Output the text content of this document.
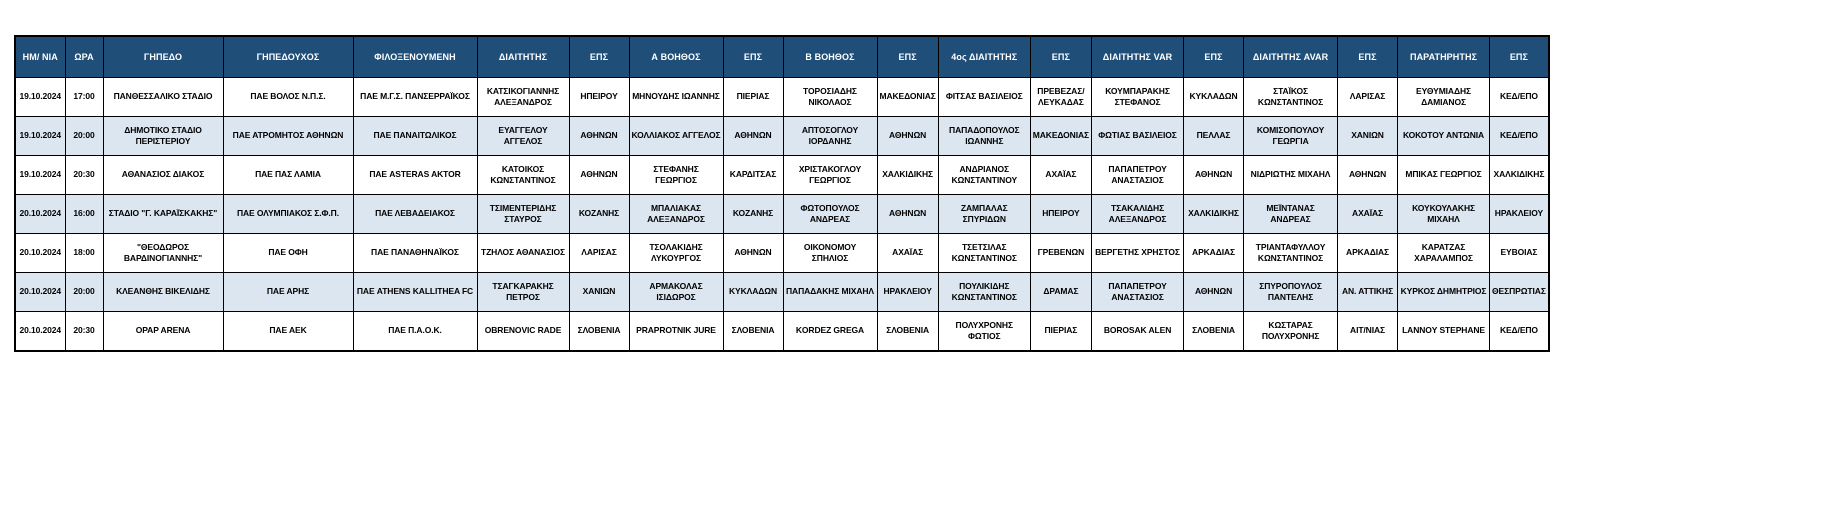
ΗΜ/ ΝΙΑ	ΩΡΑ	ΓΗΠΕΔΟ	ΓΗΠΕΔΟΥΧΟΣ	ΦΙΛΟΞΕΝΟΥΜΕΝΗ	ΔΙΑΙΤΗΤΗΣ	ΕΠΣ	Α ΒΟΗΘΟΣ	ΕΠΣ	Β ΒΟΗΘΟΣ	ΕΠΣ	4ος ΔΙΑΙΤΗΤΗΣ	ΕΠΣ	ΔΙΑΙΤΗΤΗΣ VAR	ΕΠΣ	ΔΙΑΙΤΗΤΗΣ AVAR	ΕΠΣ	ΠΑΡΑΤΗΡΗΤΗΣ	ΕΠΣ
19.10.2024	17:00	ΠΑΝΘΕΣΣΑΛΙΚΟ ΣΤΑΔΙΟ	ΠΑΕ ΒΟΛΟΣ Ν.Π.Σ.	ΠΑΕ Μ.Γ.Σ. ΠΑΝΣΕΡΡΑΪΚΟΣ	ΚΑΤΣΙΚΟΓΙΑΝΝΗΣ ΑΛΕΞΑΝΔΡΟΣ	ΗΠΕΙΡΟΥ	ΜΗΝΟΥΔΗΣ ΙΩΑΝΝΗΣ	ΠΙΕΡΙΑΣ	ΤΟΡΟΣΙΑΔΗΣ ΝΙΚΟΛΑΟΣ	ΜΑΚΕΔΟΝΙΑΣ	ΦΙΤΣΑΣ ΒΑΣΙΛΕΙΟΣ	ΠΡΕΒΕΖΑΣ/ ΛΕΥΚΑΔΑΣ	ΚΟΥΜΠΑΡΑΚΗΣ ΣΤΕΦΑΝΟΣ	ΚΥΚΛΑΔΩΝ	ΣΤΑΪΚΟΣ ΚΩΝΣΤΑΝΤΙΝΟΣ	ΛΑΡΙΣΑΣ	ΕΥΘΥΜΙΑΔΗΣ ΔΑΜΙΑΝΟΣ	ΚΕΔ/ΕΠΟ
19.10.2024	20:00	ΔΗΜΟΤΙΚΟ ΣΤΑΔΙΟ ΠΕΡΙΣΤΕΡΙΟΥ	ΠΑΕ ΑΤΡΟΜΗΤΟΣ ΑΘΗΝΩΝ	ΠΑΕ ΠΑΝΑΙΤΩΛΙΚΟΣ	ΕΥΑΓΓΕΛΟΥ ΑΓΓΕΛΟΣ	ΑΘΗΝΩΝ	ΚΟΛΛΙΑΚΟΣ ΑΓΓΕΛΟΣ	ΑΘΗΝΩΝ	ΑΠΤΟΣΟΓΛΟΥ ΙΟΡΔΑΝΗΣ	ΑΘΗΝΩΝ	ΠΑΠΑΔΟΠΟΥΛΟΣ ΙΩΑΝΝΗΣ	ΜΑΚΕΔΟΝΙΑΣ	ΦΩΤΙΑΣ ΒΑΣΙΛΕΙΟΣ	ΠΕΛΛΑΣ	ΚΟΜΙΣΟΠΟΥΛΟΥ ΓΕΩΡΓΙΑ	ΧΑΝΙΩΝ	ΚΟΚΟΤΟΥ ΑΝΤΩΝΙΑ	ΚΕΔ/ΕΠΟ
19.10.2024	20:30	ΑΘΑΝΑΣΙΟΣ ΔΙΑΚΟΣ	ΠΑΕ ΠΑΣ ΛΑΜΙΑ	ΠΑΕ ASTERAS AKTOR	ΚΑΤΟΙΚΟΣ ΚΩΝΣΤΑΝΤΙΝΟΣ	ΑΘΗΝΩΝ	ΣΤΕΦΑΝΗΣ ΓΕΩΡΓΙΟΣ	ΚΑΡΔΙΤΣΑΣ	ΧΡΙΣΤΑΚΟΓΛΟΥ ΓΕΩΡΓΙΟΣ	ΧΑΛΚΙΔΙΚΗΣ	ΑΝΔΡΙΑΝΟΣ ΚΩΝΣΤΑΝΤΙΝΟΥ	ΑΧΑΪΑΣ	ΠΑΠΑΠΕΤΡΟΥ ΑΝΑΣΤΑΣΙΟΣ	ΑΘΗΝΩΝ	ΝΙΔΡΙΩΤΗΣ ΜΙΧΑΗΛ	ΑΘΗΝΩΝ	ΜΠΙΚΑΣ ΓΕΩΡΓΙΟΣ	ΧΑΛΚΙΔΙΚΗΣ
20.10.2024	16:00	ΣΤΑΔΙΟ "Γ. ΚΑΡΑΪΣΚΑΚΗΣ"	ΠΑΕ ΟΛΥΜΠΙΑΚΟΣ Σ.Φ.Π.	ΠΑΕ ΛΕΒΑΔΕΙΑΚΟΣ	ΤΣΙΜΕΝΤΕΡΙΔΗΣ ΣΤΑΥΡΟΣ	ΚΟΖΑΝΗΣ	ΜΠΑΛΙΑΚΑΣ ΑΛΕΞΑΝΔΡΟΣ	ΚΟΖΑΝΗΣ	ΦΩΤΟΠΟΥΛΟΣ ΑΝΔΡΕΑΣ	ΑΘΗΝΩΝ	ΖΑΜΠΑΛΑΣ ΣΠΥΡΙΔΩΝ	ΗΠΕΙΡΟΥ	ΤΣΑΚΑΛΙΔΗΣ ΑΛΕΞΑΝΔΡΟΣ	ΧΑΛΚΙΔΙΚΗΣ	ΜΕΪΝΤΑΝΑΣ ΑΝΔΡΕΑΣ	ΑΧΑΪΑΣ	ΚΟΥΚΟΥΛΑΚΗΣ ΜΙΧΑΗΛ	ΗΡΑΚΛΕΙΟΥ
20.10.2024	18:00	"ΘΕΟΔΩΡΟΣ ΒΑΡΔΙΝΟΓΙΑΝΝΗΣ"	ΠΑΕ ΟΦΗ	ΠΑΕ ΠΑΝΑΘΗΝΑΪΚΟΣ	ΤΖΗΛΟΣ ΑΘΑΝΑΣΙΟΣ	ΛΑΡΙΣΑΣ	ΤΣΟΛΑΚΙΔΗΣ ΛΥΚΟΥΡΓΟΣ	ΑΘΗΝΩΝ	ΟΙΚΟΝΟΜΟΥ ΣΠΗΛΙΟΣ	ΑΧΑΪΑΣ	ΤΣΕΤΣΙΛΑΣ ΚΩΝΣΤΑΝΤΙΝΟΣ	ΓΡΕΒΕΝΩΝ	ΒΕΡΓΕΤΗΣ ΧΡΗΣΤΟΣ	ΑΡΚΑΔΙΑΣ	ΤΡΙΑΝΤΑΦΥΛΛΟΥ ΚΩΝΣΤΑΝΤΙΝΟΣ	ΑΡΚΑΔΙΑΣ	ΚΑΡΑΤΖΑΣ ΧΑΡΑΛΑΜΠΟΣ	ΕΥΒΟΙΑΣ
20.10.2024	20:00	ΚΛΕΑΝΘΗΣ ΒΙΚΕΛΙΔΗΣ	ΠΑΕ ΑΡΗΣ	ΠΑΕ ATHENS KALLITHEA FC	ΤΣΑΓΚΑΡΑΚΗΣ ΠΕΤΡΟΣ	ΧΑΝΙΩΝ	ΑΡΜΑΚΟΛΑΣ ΙΣΙΔΩΡΟΣ	ΚΥΚΛΑΔΩΝ	ΠΑΠΑΔΑΚΗΣ ΜΙΧΑΗΛ	ΗΡΑΚΛΕΙΟΥ	ΠΟΥΛΙΚΙΔΗΣ ΚΩΝΣΤΑΝΤΙΝΟΣ	ΔΡΑΜΑΣ	ΠΑΠΑΠΕΤΡΟΥ ΑΝΑΣΤΑΣΙΟΣ	ΑΘΗΝΩΝ	ΣΠΥΡΟΠΟΥΛΟΣ ΠΑΝΤΕΛΗΣ	ΑΝ. ΑΤΤΙΚΗΣ	ΚΥΡΚΟΣ ΔΗΜΗΤΡΙΟΣ	ΘΕΣΠΡΩΤΙΑΣ
20.10.2024	20:30	OPAP ARENA	ΠΑΕ ΑΕΚ	ΠΑΕ Π.Α.Ο.Κ.	OBRENOVIC RADE	ΣΛΟΒΕΝΙΑ	PRAPROTNIK JURE	ΣΛΟΒΕΝΙΑ	KORDEZ GREGA	ΣΛΟΒΕΝΙΑ	ΠΟΛΥΧΡΟΝΗΣ ΦΩΤΙΟΣ	ΠΙΕΡΙΑΣ	BOROSAK ALEN	ΣΛΟΒΕΝΙΑ	ΚΩΣΤΑΡΑΣ ΠΟΛΥΧΡΟΝΗΣ	ΑΙΤ/ΝΙΑΣ	LANNOY STEPHANE	ΚΕΔ/ΕΠΟ
